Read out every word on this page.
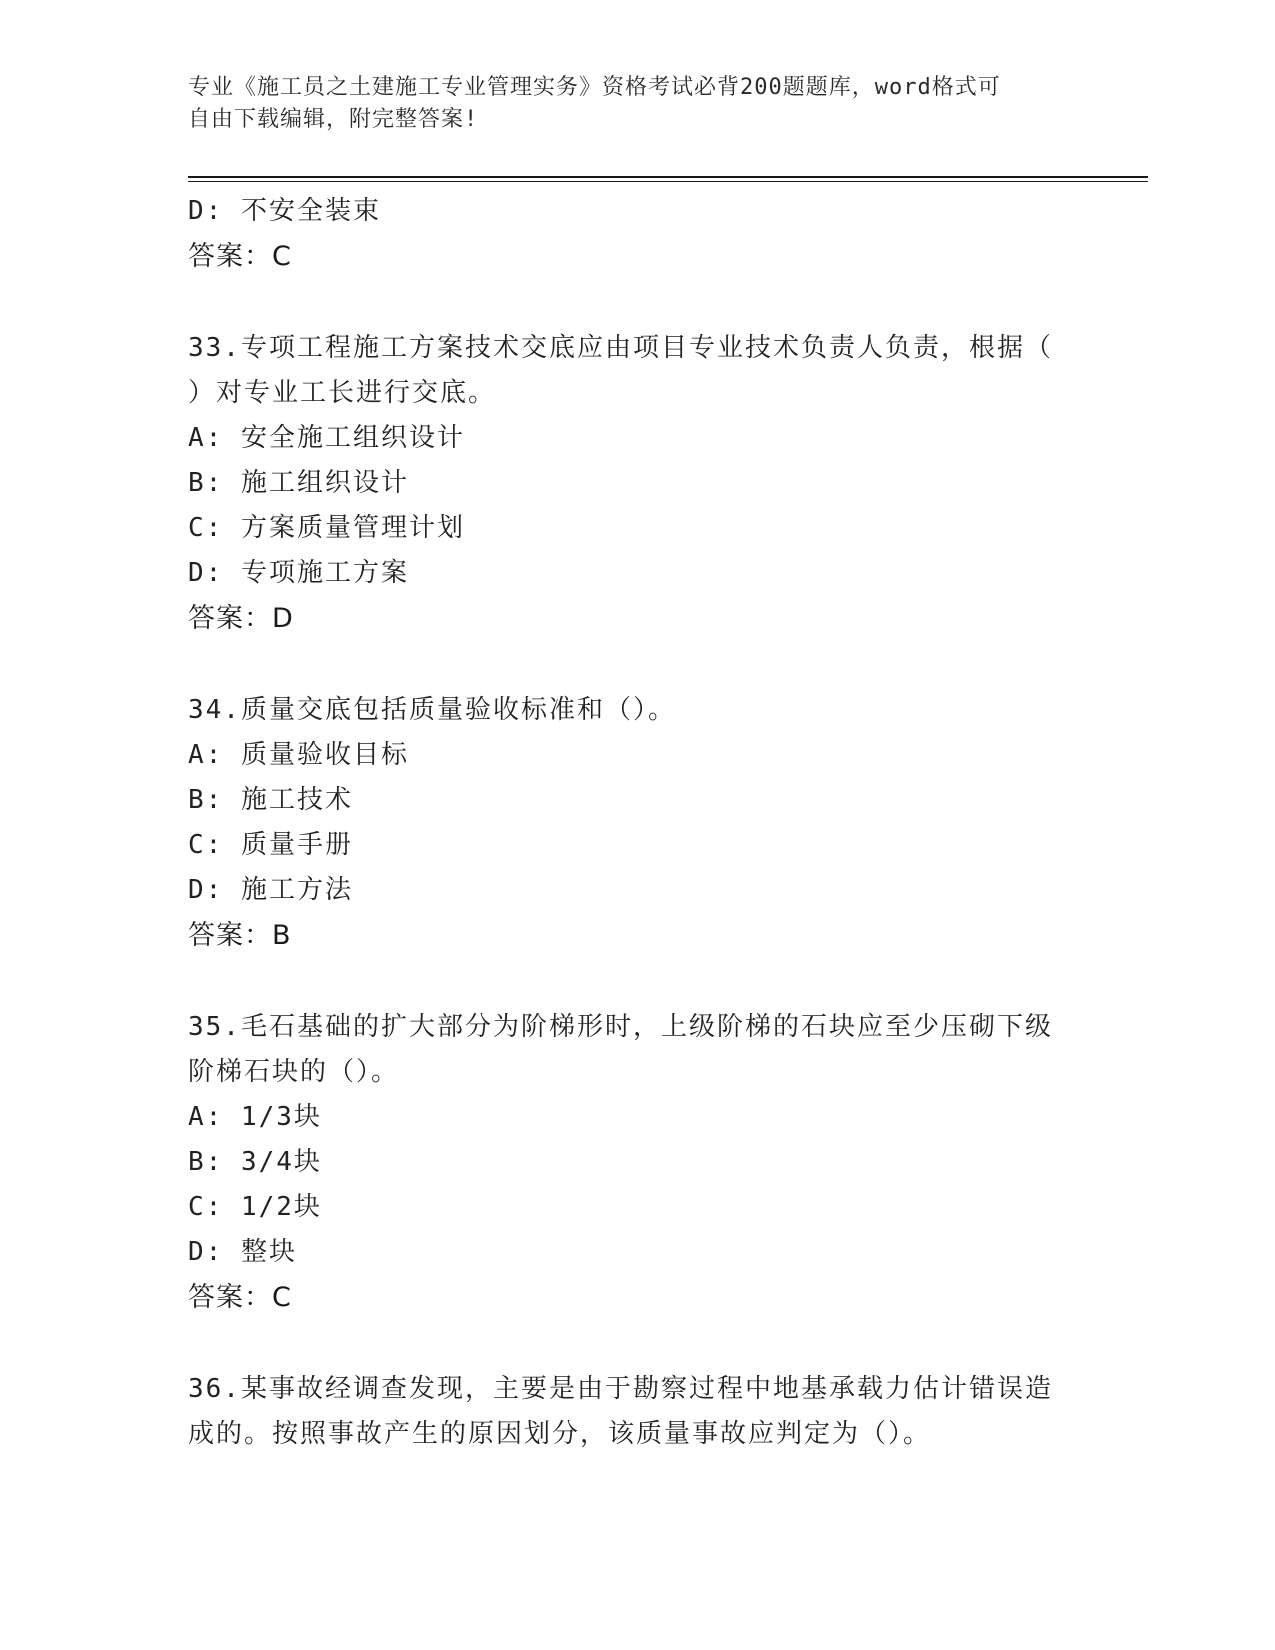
专业《施工员之土建施工专业管理实务》资格考试必背200题题库，word格式可
自由下载编辑，附完整答案!
D: 不安全装束
答案：C
33.专项工程施工方案技术交底应由项目专业技术负责人负责，根据（
）对专业工长进行交底。
A: 安全施工组织设计
B: 施工组织设计
C: 方案质量管理计划
D: 专项施工方案
答案：D
34.质量交底包括质量验收标准和（）。
A: 质量验收目标
B: 施工技术
C: 质量手册
D: 施工方法
答案：B
35.毛石基础的扩大部分为阶梯形时，上级阶梯的石块应至少压砌下级
阶梯石块的（）。
A: 1/3块
B: 3/4块
C: 1/2块
D: 整块
答案：C
36.某事故经调查发现，主要是由于勘察过程中地基承载力估计错误造
成的。按照事故产生的原因划分，该质量事故应判定为（）。
